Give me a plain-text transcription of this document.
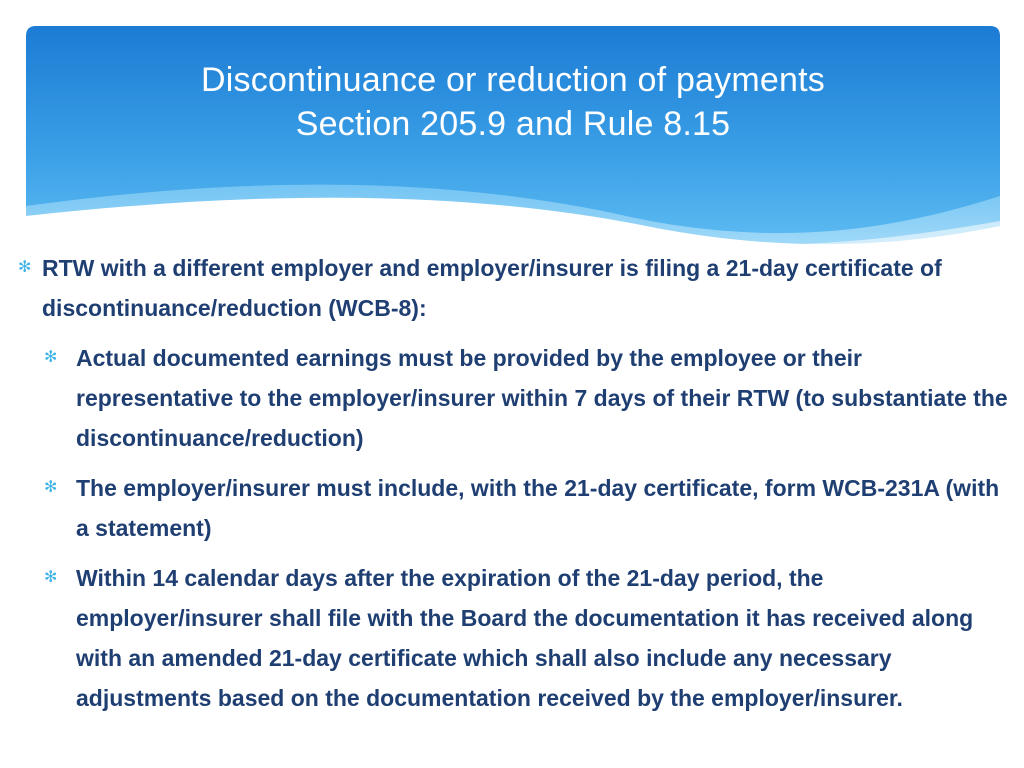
Discontinuance or reduction of payments
Section 205.9 and Rule 8.15
✻ RTW with a different employer and employer/insurer is filing a 21-day certificate of discontinuance/reduction (WCB-8):
✻ Actual documented earnings must be provided by the employee or their representative to the employer/insurer within 7 days of their RTW (to substantiate the discontinuance/reduction)
✻ The employer/insurer must include, with the 21-day certificate, form WCB-231A (with a statement)
✻ Within 14 calendar days after the expiration of the 21-day period, the employer/insurer shall file with the Board the documentation it has received along with an amended 21-day certificate which shall also include any necessary adjustments based on the documentation received by the employer/insurer.
